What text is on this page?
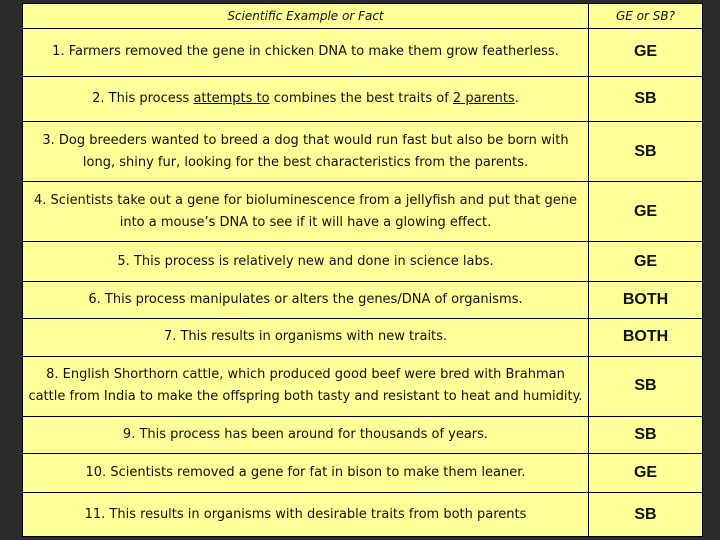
Scientific Example or Fact	GE or SB?
1. Farmers removed the gene in chicken DNA to make them grow featherless.	GE
2. This process attempts to combines the best traits of 2 parents.	SB
3. Dog breeders wanted to breed a dog that would run fast but also be born with long, shiny fur, looking for the best characteristics from the parents.	SB
4. Scientists take out a gene for bioluminescence from a jellyfish and put that gene into a mouse’s DNA to see if it will have a glowing effect.	GE
5. This process is relatively new and done in science labs.	GE
6. This process manipulates or alters the genes/DNA of organisms.	BOTH
7. This results in organisms with new traits.	BOTH
8. English Shorthorn cattle, which produced good beef were bred with Brahman cattle from India to make the offspring both tasty and resistant to heat and humidity.	SB
9. This process has been around for thousands of years.	SB
10. Scientists removed a gene for fat in bison to make them leaner.	GE
11. This results in organisms with desirable traits from both parents	SB
